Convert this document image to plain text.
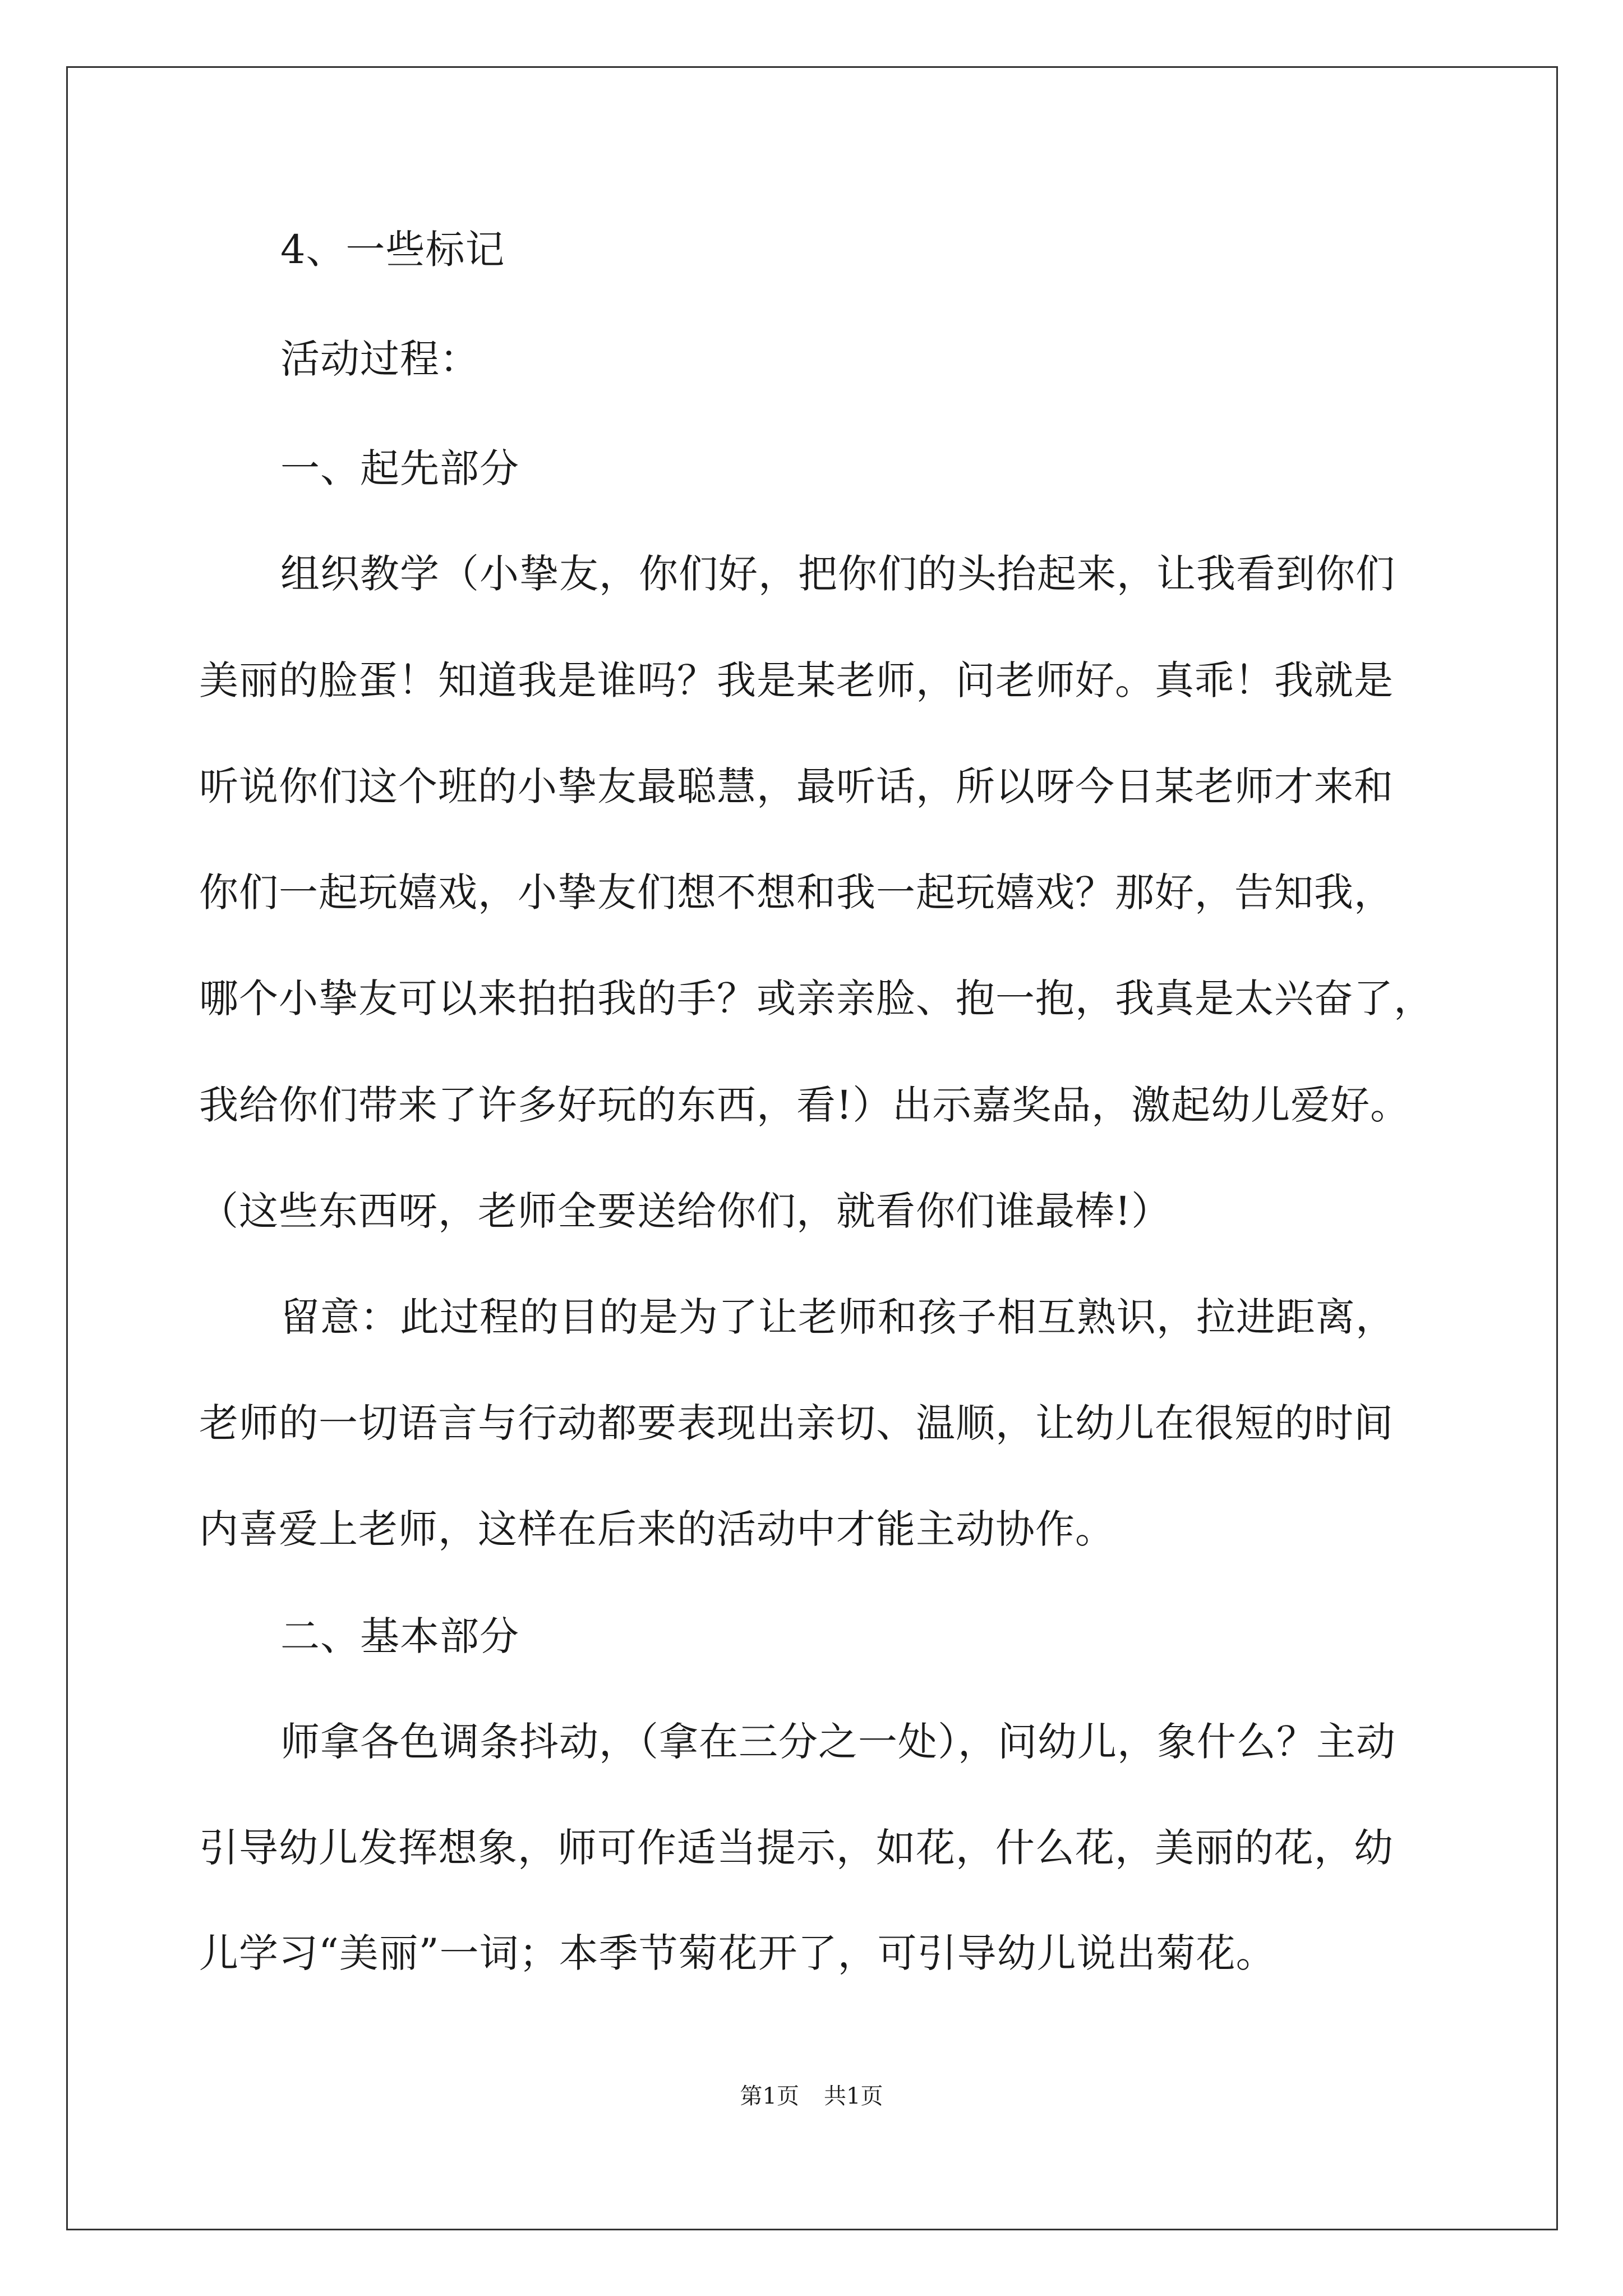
4、一些标记
活动过程：
一、起先部分
组织教学（小挚友，你们好，把你们的头抬起来，让我看到你们
美丽的脸蛋！知道我是谁吗？我是某老师，问老师好。真乖！我就是
听说你们这个班的小挚友最聪慧，最听话，所以呀今日某老师才来和
你们一起玩嬉戏，小挚友们想不想和我一起玩嬉戏？那好，告知我，
哪个小挚友可以来拍拍我的手？或亲亲脸、抱一抱，我真是太兴奋了，
我给你们带来了许多好玩的东西，看!）出示嘉奖品，激起幼儿爱好。
（这些东西呀，老师全要送给你们，就看你们谁最棒!）
留意：此过程的目的是为了让老师和孩子相互熟识，拉进距离，
老师的一切语言与行动都要表现出亲切、温顺，让幼儿在很短的时间
内喜爱上老师，这样在后来的活动中才能主动协作。
二、基本部分
师拿各色调条抖动，（拿在三分之一处），问幼儿，象什么？主动
引导幼儿发挥想象，师可作适当提示，如花，什么花，美丽的花，幼
儿学习“美丽”一词；本季节菊花开了，可引导幼儿说出菊花。
第1页 共1页
